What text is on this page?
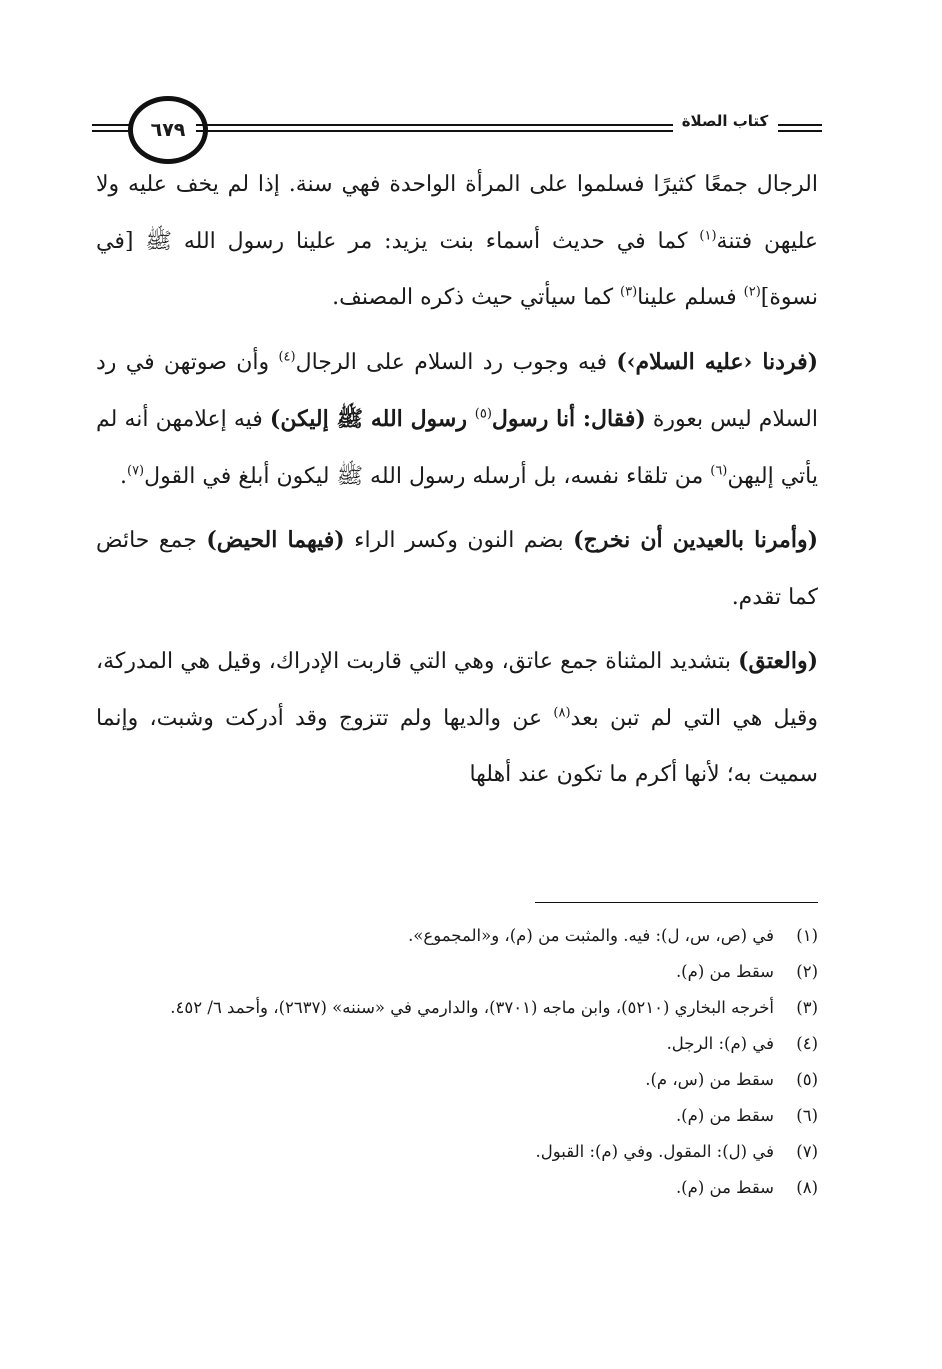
٦٧٩	كتاب الصلاة

الرجال جمعًا كثيرًا فسلموا على المرأة الواحدة فهي سنة. إذا لم يخف عليه ولا عليهن فتنة$^{(١)}$ كما في حديث أسماء بنت يزيد: مر علينا رسول الله ﷺ [في نسوة]$^{(٢)}$ فسلم علينا$^{(٣)}$ كما سيأتي حيث ذكره المصنف.

(فردنا ‹عليه السلام›) فيه وجوب رد السلام على الرجال$^{(٤)}$ وأن صوتهن في رد السلام ليس بعورة (فقال: أنا رسول$^{(٥)}$ رسول الله ﷺ إليكن) فيه إعلامهن أنه لم يأتي إليهن$^{(٦)}$ من تلقاء نفسه، بل أرسله رسول الله ﷺ ليكون أبلغ في القول$^{(٧)}$.

(وأمرنا بالعيدين أن نخرج) بضم النون وكسر الراء (فيهما الحيض) جمع حائض كما تقدم.

(والعتق) بتشديد المثناة جمع عاتق، وهي التي قاربت الإدراك، وقيل هي المدركة، وقيل هي التي لم تبن بعد$^{(٨)}$ عن والديها ولم تتزوج وقد أدركت وشبت، وإنما سميت به؛ لأنها أكرم ما تكون عند أهلها

(١)
في (ص، س، ل): فيه. والمثبت من (م)، و«المجموع».
(٢)
سقط من (م).
(٣)
أخرجه البخاري (٥٢١٠)، وابن ماجه (٣٧٠١)، والدارمي في «سننه» (٢٦٣٧)، وأحمد ٦/ ٤٥٢.
(٤)
في (م): الرجل.
(٥)
سقط من (س، م).
(٦)
سقط من (م).
(٧)
في (ل): المقول. وفي (م): القبول.
(٨)
سقط من (م).
